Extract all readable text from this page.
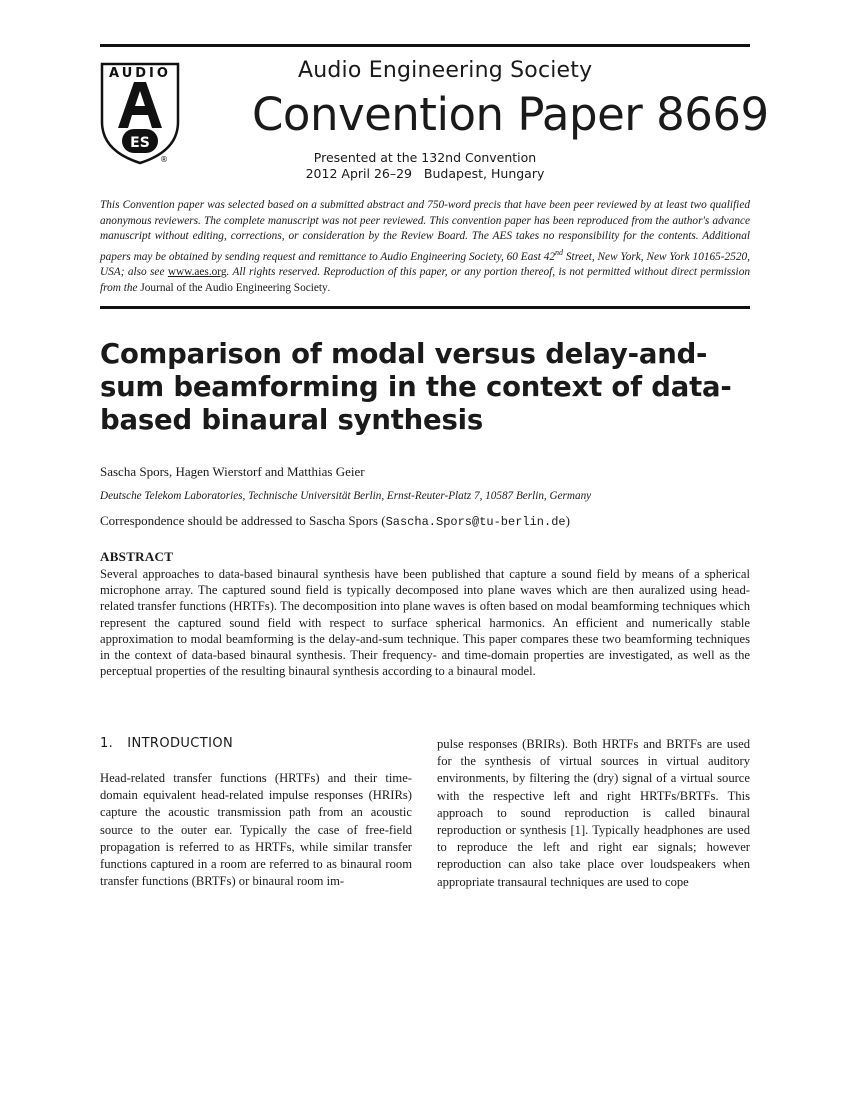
AUDIO
ES
®
Audio Engineering Society
Convention Paper 8669
Presented at the 132nd Convention
2012 April 26–29   Budapest, Hungary
This Convention paper was selected based on a submitted abstract and 750-word precis that have been peer reviewed by at least two qualified anonymous reviewers. The complete manuscript was not peer reviewed. This convention paper has been reproduced from the author's advance manuscript without editing, corrections, or consideration by the Review Board. The AES takes no responsibility for the contents. Additional papers may be obtained by sending request and remittance to Audio Engineering Society, 60 East 42nd Street, New York, New York 10165-2520, USA; also see www.aes.org. All rights reserved. Reproduction of this paper, or any portion thereof, is not permitted without direct permission from the Journal of the Audio Engineering Society.
Comparison of modal versus delay-and-sum beamforming in the context of data-based binaural synthesis
Sascha Spors, Hagen Wierstorf and Matthias Geier
Deutsche Telekom Laboratories, Technische Universität Berlin, Ernst-Reuter-Platz 7, 10587 Berlin, Germany
Correspondence should be addressed to Sascha Spors (Sascha.Spors@tu-berlin.de)
ABSTRACT
Several approaches to data-based binaural synthesis have been published that capture a sound field by means of a spherical microphone array. The captured sound field is typically decomposed into plane waves which are then auralized using head-related transfer functions (HRTFs). The decomposition into plane waves is often based on modal beamforming techniques which represent the captured sound field with respect to surface spherical harmonics. An efficient and numerically stable approximation to modal beamforming is the delay-and-sum technique. This paper compares these two beamforming techniques in the context of data-based binaural synthesis. Their frequency- and time-domain properties are investigated, as well as the perceptual properties of the resulting binaural synthesis according to a binaural model.
1. INTRODUCTION
Head-related transfer functions (HRTFs) and their time-domain equivalent head-related impulse responses (HRIRs) capture the acoustic transmission path from an acoustic source to the outer ear. Typically the case of free-field propagation is referred to as HRTFs, while similar transfer functions captured in a room are referred to as binaural room transfer functions (BRTFs) or binaural room im-
pulse responses (BRIRs). Both HRTFs and BRTFs are used for the synthesis of virtual sources in virtual auditory environments, by filtering the (dry) signal of a virtual source with the respective left and right HRTFs/BRTFs. This approach to sound reproduction is called binaural reproduction or synthesis [1]. Typically headphones are used to reproduce the left and right ear signals; however reproduction can also take place over loudspeakers when appropriate transaural techniques are used to cope
